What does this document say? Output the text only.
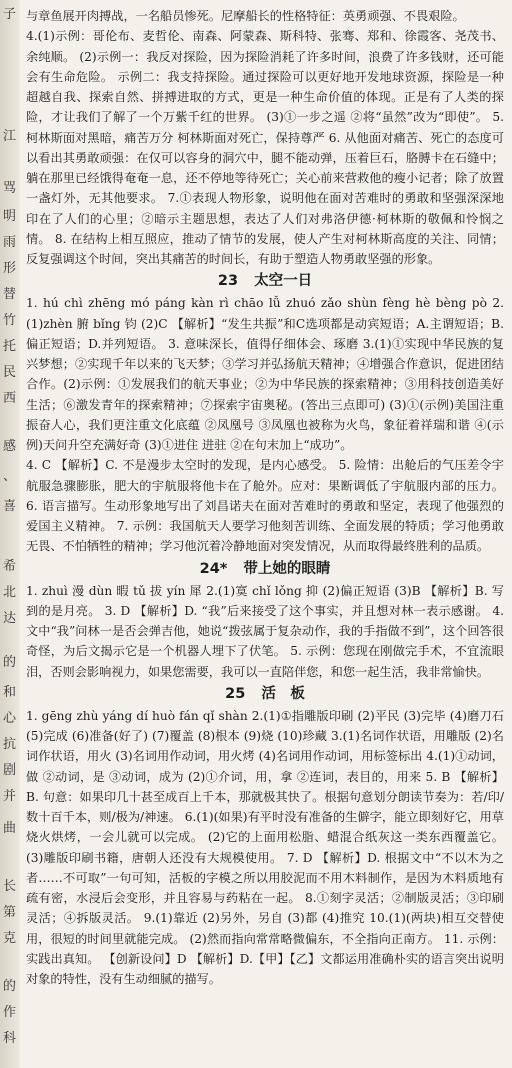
子
江
骂
明
雨
形
替
竹
托
民
西
感
、
喜
希
北
达
的
和
心
抗
剧
并
曲
长
第
克
的
作
科

与章鱼展开肉搏战，一名船员惨死。尼摩船长的性格特征：英勇顽强、不畏艰险。

4.(1)示例：哥伦布、麦哲伦、南森、阿蒙森、斯科特、张骞、郑和、徐霞客、尧茂书、余纯顺。 (2)示例一：我反对探险，因为探险消耗了许多时间，浪费了许多钱财，还可能会有生命危险。 示例二：我支持探险。通过探险可以更好地开发地球资源，探险是一种超越自我、探索自然、拼搏进取的方式，更是一种生命价值的体现。正是有了人类的探险，才让我们了解了一个万紫千红的世界。 (3)①一步之遥 ②将“虽然”改为“即使”。 5. 柯林斯面对黑暗，痛苦万分 柯林斯面对死亡，保持尊严 6. 从他面对痛苦、死亡的态度可以看出其勇敢顽强：在仅可以容身的洞穴中，腿不能动弹，压着巨石，胳膊卡在石缝中；躺在那里已经饿得奄奄一息，还不停地等待死亡；关心前来营救他的瘦小记者；除了放置一盏灯外，无其他要求。 7.①表现人物形象，说明他在面对苦难时的勇敢和坚强深深地印在了人们的心里；②暗示主题思想，表达了人们对弗洛伊德·柯林斯的敬佩和怜悯之情。 8. 在结构上相互照应，推动了情节的发展，使人产生对柯林斯高度的关注、同情；反复强调这个时间，突出其痛苦的时间长，有助于塑造人物勇敢坚强的形象。

23 太空一日

1. hú chì zhēng mó páng kàn rì chāo lǚ zhuó zǎo shùn fèng hè bèng pò 2.(1)zhèn 腑 bǐng 钧 (2)C 【解析】“发生共振”和C选项都是动宾短语；A.主谓短语；B.偏正短语；D.并列短语。 3. 意味深长，值得仔细体会、琢磨 3.(1)①实现中华民族的复兴梦想；②实现千年以来的飞天梦；③学习并弘扬航天精神；④增强合作意识，促进团结合作。(2)示例：①发展我们的航天事业；②为中华民族的探索精神；③用科技创造美好生活；⑥激发青年的探索精神；⑦探索宇宙奥秘。(答出三点即可) (3)①(示例)美国注重振奋人心，我们更注重文化底蕴 ②凤凰号 ③凤凰也被称为火鸟，象征着祥瑞和谐 ④(示例)天问升空充满好奇 (3)①进住 进驻 ②在句末加上“成功”。

4. C 【解析】C. 不是漫步太空时的发现，是内心感受。 5. 险情：出舱后的气压差令宇航服急骤膨胀，肥大的宇航服将他卡在了舱外。应对：果断调低了宇航服内部的压力。 6. 语言描写。生动形象地写出了刘昌诺夫在面对苦难时的勇敢和坚定，表现了他强烈的爱国主义精神。 7. 示例：我国航天人要学习他刻苦训练、全面发展的特质；学习他勇敢无畏、不怕牺牲的精神；学习他沉着冷静地面对突发情况，从而取得最终胜利的品质。

24* 带上她的眼睛

1. zhuì 漫 dùn 暇 tǔ 拔 yín 犀 2.(1)寞 chǐ lǒng 抑 (2)偏正短语 (3)B 【解析】B. 写到的是月亮。 3. D 【解析】D. “我”后来接受了这个事实，并且想对林一表示感谢。 4. 文中“我”问林一是否会弹吉他，她说“拨弦属于复杂动作，我的手指做不到”，这个回答很奇怪，为后文揭示它是一个机器人埋下了伏笔。 5. 示例：您现在刚做完手术，不宜流眼泪，否则会影响视力，如果您需要，我可以一直陪伴您，和您一起生活，我非常愉快。

25 活　板

1. gēng zhù yáng dí huò fán qǐ shàn 2.(1)①指雕版印刷 (2)平民 (3)完毕 (4)磨刀石 (5)完成 (6)准备(好了) (7)覆盖 (8)根本 (9)烧 (10)珍藏 3.(1)名词作状语，用雕版 (2)名词作状语，用火 (3)名词用作动词，用火烤 (4)名词用作动词，用标签标出 4.(1)①动词，做 ②动词，是 ③动词，成为 (2)①介词，用，拿 ②连词，表目的，用来 5. B 【解析】B. 句意：如果印几十甚至成百上千本，那就极其快了。根据句意划分朗读节奏为：若/印/数十百千本，则/极为/神速。 6.(1)(如果)有平时没有准备的生僻字，能立即刻好它，用草烧火烘烤，一会儿就可以完成。 (2)它的上面用松脂、蜡混合纸灰这一类东西覆盖它。 (3)雕版印刷书籍，唐朝人还没有大规模使用。 7. D 【解析】D. 根据文中“不以木为之者……不可取”一句可知，活板的字模之所以用胶泥而不用木料制作，是因为木料质地有疏有密，水浸后会变形，并且容易与药粘在一起。 8.①刻字灵活；②制版灵活；③印刷灵活；④拆版灵活。 9.(1)靠近 (2)另外，另自 (3)都 (4)推究 10.(1)(两块)相互交替使用，很短的时间里就能完成。 (2)然而指向常常略微偏东，不全指向正南方。 11. 示例：实践出真知。 【创新设问】D 【解析】D.【甲】【乙】文都运用准确朴实的语言突出说明对象的特性，没有生动细腻的描写。
